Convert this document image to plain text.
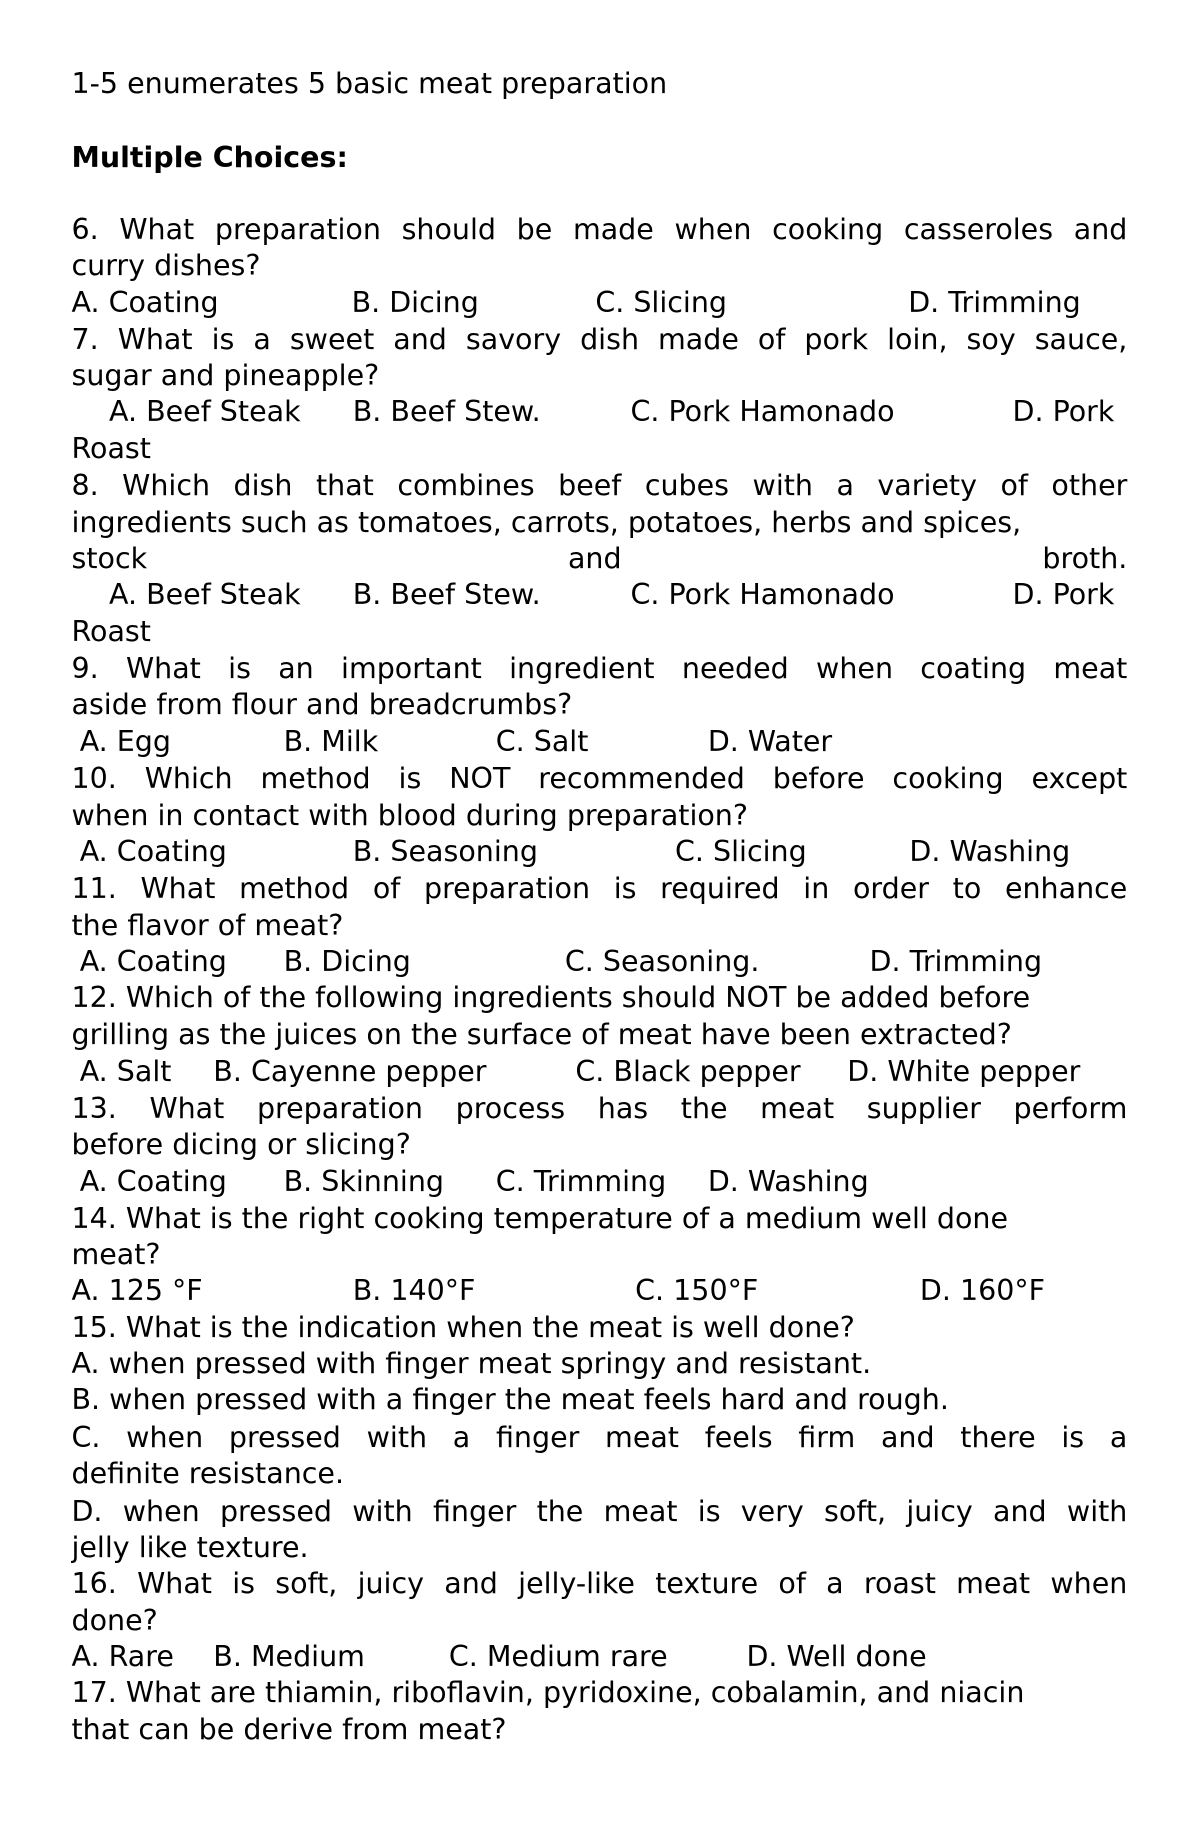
1-5 enumerates 5 basic meat preparation
Multiple Choices:
6. What preparation should be made when cooking casseroles and
curry dishes?
A. Coating	B. Dicing	C. Slicing	D. Trimming
7. What is a sweet and savory dish made of pork loin, soy sauce,
sugar and pineapple?
A. Beef Steak B. Beef Stew.	C. Pork Hamonado	D. Pork
Roast
8. Which dish that combines beef cubes with a variety of other
ingredients such as tomatoes, carrots, potatoes, herbs and spices,
stock and broth.
A. Beef Steak B. Beef Stew.	C. Pork Hamonado	D. Pork
Roast
9. What is an important ingredient needed when coating meat
aside from flour and breadcrumbs?
A. Egg	B. Milk	C. Salt	D. Water
10. Which method is NOT recommended before cooking except
when in contact with blood during preparation?
A. Coating	B. Seasoning	C. Slicing	D. Washing
11. What method of preparation is required in order to enhance
the flavor of meat?
A. Coating B. Dicing	C. Seasoning.	D. Trimming
12. Which of the following ingredients should NOT be added before
grilling as the juices on the surface of meat have been extracted?
A. Salt B. Cayenne pepper	C. Black pepper D. White pepper
13. What preparation process has the meat supplier perform
before dicing or slicing?
A. Coating B. Skinning C. Trimming D. Washing
14. What is the right cooking temperature of a medium well done
meat?
A. 125 °F	B. 140°F	C. 150°F	D. 160°F
15. What is the indication when the meat is well done?
A. when pressed with finger meat springy and resistant.
B. when pressed with a finger the meat feels hard and rough.
C. when pressed with a finger meat feels firm and there is a
definite resistance.
D. when pressed with finger the meat is very soft, juicy and with
jelly like texture.
16. What is soft, juicy and jelly-like texture of a roast meat when
done?
A. Rare B. Medium	C. Medium rare	D. Well done
17. What are thiamin, riboflavin, pyridoxine, cobalamin, and niacin
that can be derive from meat?
